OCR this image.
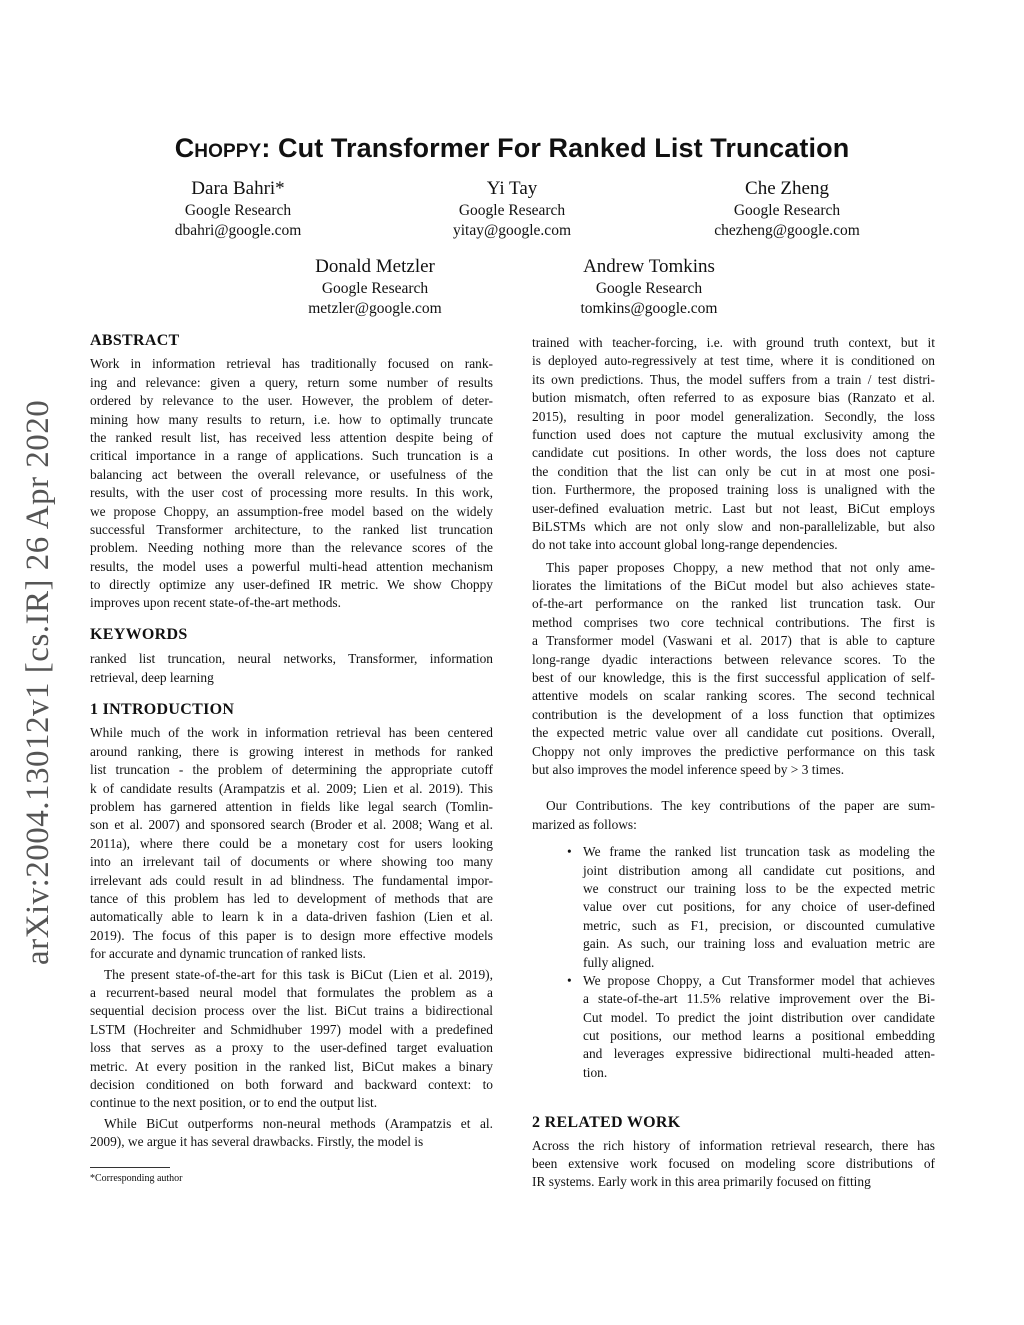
Choppy: Cut Transformer For Ranked List Truncation
Dara Bahri*
Google Research
dbahri@google.com
Yi Tay
Google Research
yitay@google.com
Che Zheng
Google Research
chezheng@google.com
Donald Metzler
Google Research
metzler@google.com
Andrew Tomkins
Google Research
tomkins@google.com
arXiv:2004.13012v1 [cs.IR] 26 Apr 2020
ABSTRACT
Work in information retrieval has traditionally focused on rank-
ing and relevance: given a query, return some number of results
ordered by relevance to the user. However, the problem of deter-
mining how many results to return, i.e. how to optimally truncate
the ranked result list, has received less attention despite being of
critical importance in a range of applications. Such truncation is a
balancing act between the overall relevance, or usefulness of the
results, with the user cost of processing more results. In this work,
we propose Choppy, an assumption-free model based on the widely
successful Transformer architecture, to the ranked list truncation
problem. Needing nothing more than the relevance scores of the
results, the model uses a powerful multi-head attention mechanism
to directly optimize any user-defined IR metric. We show Choppy
improves upon recent state-of-the-art methods.
KEYWORDS
ranked list truncation, neural networks, Transformer, information
retrieval, deep learning
1 INTRODUCTION
While much of the work in information retrieval has been centered
around ranking, there is growing interest in methods for ranked
list truncation - the problem of determining the appropriate cutoff
k of candidate results (Arampatzis et al. 2009; Lien et al. 2019). This
problem has garnered attention in fields like legal search (Tomlin-
son et al. 2007) and sponsored search (Broder et al. 2008; Wang et al.
2011a), where there could be a monetary cost for users looking
into an irrelevant tail of documents or where showing too many
irrelevant ads could result in ad blindness. The fundamental impor-
tance of this problem has led to development of methods that are
automatically able to learn k in a data-driven fashion (Lien et al.
2019). The focus of this paper is to design more effective models
for accurate and dynamic truncation of ranked lists.
The present state-of-the-art for this task is BiCut (Lien et al. 2019),
a recurrent-based neural model that formulates the problem as a
sequential decision process over the list. BiCut trains a bidirectional
LSTM (Hochreiter and Schmidhuber 1997) model with a predefined
loss that serves as a proxy to the user-defined target evaluation
metric. At every position in the ranked list, BiCut makes a binary
decision conditioned on both forward and backward context: to
continue to the next position, or to end the output list.
While BiCut outperforms non-neural methods (Arampatzis et al.
2009), we argue it has several drawbacks. Firstly, the model is
*Corresponding author
trained with teacher-forcing, i.e. with ground truth context, but it
is deployed auto-regressively at test time, where it is conditioned on
its own predictions. Thus, the model suffers from a train / test distri-
bution mismatch, often referred to as exposure bias (Ranzato et al.
2015), resulting in poor model generalization. Secondly, the loss
function used does not capture the mutual exclusivity among the
candidate cut positions. In other words, the loss does not capture
the condition that the list can only be cut in at most one posi-
tion. Furthermore, the proposed training loss is unaligned with the
user-defined evaluation metric. Last but not least, BiCut employs
BiLSTMs which are not only slow and non-parallelizable, but also
do not take into account global long-range dependencies.
This paper proposes Choppy, a new method that not only ame-
liorates the limitations of the BiCut model but also achieves state-
of-the-art performance on the ranked list truncation task. Our
method comprises two core technical contributions. The first is
a Transformer model (Vaswani et al. 2017) that is able to capture
long-range dyadic interactions between relevance scores. To the
best of our knowledge, this is the first successful application of self-
attentive models on scalar ranking scores. The second technical
contribution is the development of a loss function that optimizes
the expected metric value over all candidate cut positions. Overall,
Choppy not only improves the predictive performance on this task
but also improves the model inference speed by > 3 times.
Our Contributions. The key contributions of the paper are sum-
marized as follows:
• We frame the ranked list truncation task as modeling the
joint distribution among all candidate cut positions, and
we construct our training loss to be the expected metric
value over cut positions, for any choice of user-defined
metric, such as F1, precision, or discounted cumulative
gain. As such, our training loss and evaluation metric are
fully aligned.
• We propose Choppy, a Cut Transformer model that achieves
a state-of-the-art 11.5% relative improvement over the Bi-
Cut model. To predict the joint distribution over candidate
cut positions, our method learns a positional embedding
and leverages expressive bidirectional multi-headed atten-
tion.
2 RELATED WORK
Across the rich history of information retrieval research, there has
been extensive work focused on modeling score distributions of
IR systems. Early work in this area primarily focused on fitting
